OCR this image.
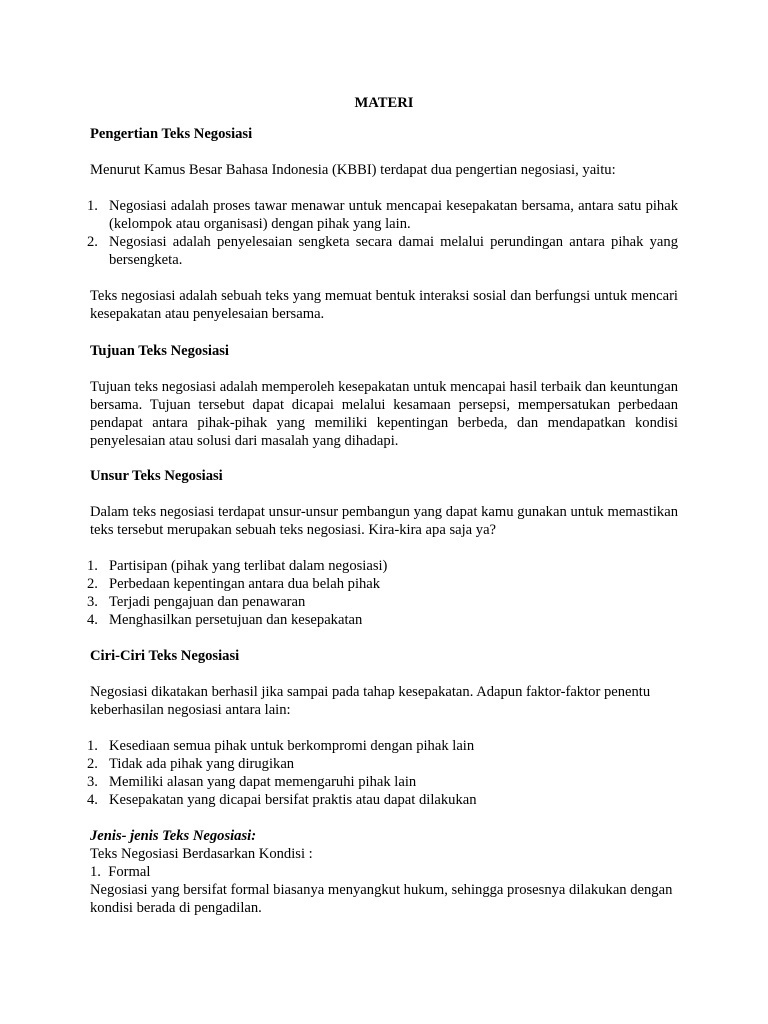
MATERI
Pengertian Teks Negosiasi

Menurut Kamus Besar Bahasa Indonesia (KBBI) terdapat dua pengertian negosiasi, yaitu:

1. Negosiasi adalah proses tawar menawar untuk mencapai kesepakatan bersama, antara satu pihak (kelompok atau organisasi) dengan pihak yang lain.
2. Negosiasi adalah penyelesaian sengketa secara damai melalui perundingan antara pihak yang bersengketa.

Teks negosiasi adalah sebuah teks yang memuat bentuk interaksi sosial dan berfungsi untuk mencari kesepakatan atau penyelesaian bersama.

Tujuan Teks Negosiasi

Tujuan teks negosiasi adalah memperoleh kesepakatan untuk mencapai hasil terbaik dan keuntungan bersama. Tujuan tersebut dapat dicapai melalui kesamaan persepsi, mempersatukan perbedaan pendapat antara pihak-pihak yang memiliki kepentingan berbeda, dan mendapatkan kondisi penyelesaian atau solusi dari masalah yang dihadapi.

Unsur Teks Negosiasi

Dalam teks negosiasi terdapat unsur-unsur pembangun yang dapat kamu gunakan untuk memastikan teks tersebut merupakan sebuah teks negosiasi. Kira-kira apa saja ya?

1. Partisipan (pihak yang terlibat dalam negosiasi)
2. Perbedaan kepentingan antara dua belah pihak
3. Terjadi pengajuan dan penawaran
4. Menghasilkan persetujuan dan kesepakatan
Ciri-Ciri Teks Negosiasi

Negosiasi dikatakan berhasil jika sampai pada tahap kesepakatan. Adapun faktor-faktor penentu keberhasilan negosiasi antara lain:

1. Kesediaan semua pihak untuk berkompromi dengan pihak lain
2. Tidak ada pihak yang dirugikan
3. Memiliki alasan yang dapat memengaruhi pihak lain
4. Kesepakatan yang dicapai bersifat praktis atau dapat dilakukan
Jenis- jenis Teks Negosiasi:

Teks Negosiasi Berdasarkan Kondisi :

1.  Formal

Negosiasi yang bersifat formal biasanya menyangkut hukum, sehingga prosesnya dilakukan dengan kondisi berada di pengadilan.
